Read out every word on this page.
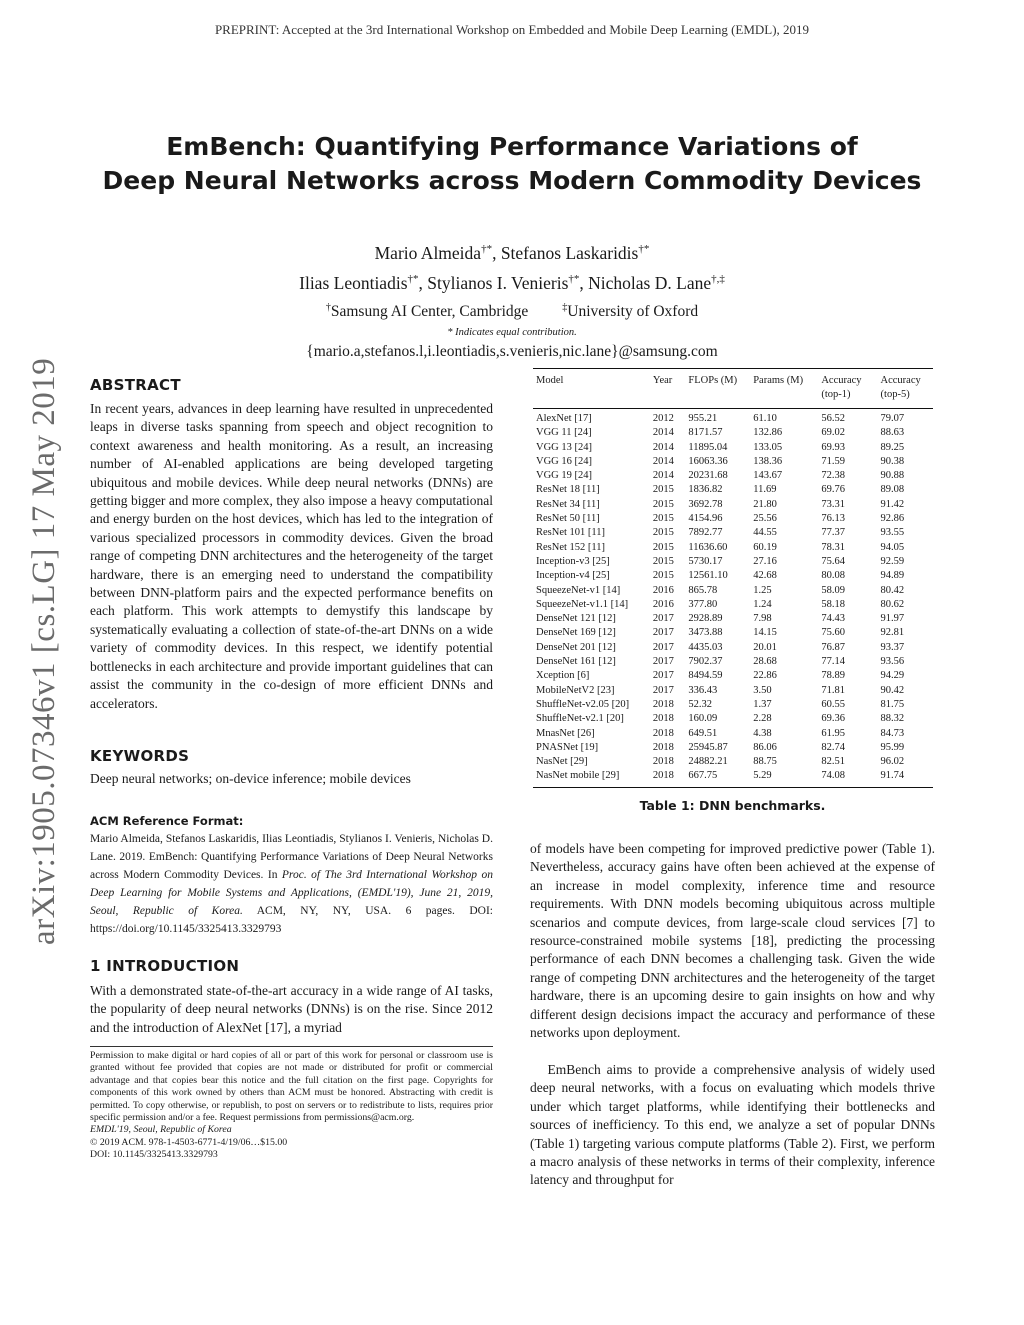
PREPRINT: Accepted at the 3rd International Workshop on Embedded and Mobile Deep Learning (EMDL), 2019
EmBench: Quantifying Performance Variations of
Deep Neural Networks across Modern Commodity Devices
Mario Almeida†*, Stefanos Laskaridis†*
Ilias Leontiadis†*, Stylianos I. Venieris†*, Nicholas D. Lane†,‡
†Samsung AI Center, Cambridge	‡University of Oxford
* Indicates equal contribution.
{mario.a,stefanos.l,i.leontiadis,s.venieris,nic.lane}@samsung.com
arXiv:1905.07346v1 [cs.LG] 17 May 2019 ABSTRACT
In recent years, advances in deep learning have resulted in unprecedented leaps in diverse tasks spanning from speech and object recognition to context awareness and health monitoring. As a result, an increasing number of AI-enabled applications are being developed targeting ubiquitous and mobile devices. While deep neural networks (DNNs) are getting bigger and more complex, they also impose a heavy computational and energy burden on the host devices, which has led to the integration of various specialized processors in commodity devices. Given the broad range of competing DNN architectures and the heterogeneity of the target hardware, there is an emerging need to understand the compatibility between DNN-platform pairs and the expected performance benefits on each platform. This work attempts to demystify this landscape by systematically evaluating a collection of state-of-the-art DNNs on a wide variety of commodity devices. In this respect, we identify potential bottlenecks in each architecture and provide important guidelines that can assist the community in the co-design of more efficient DNNs and accelerators.
KEYWORDS
Deep neural networks; on-device inference; mobile devices
ACM Reference Format:
Mario Almeida, Stefanos Laskaridis, Ilias Leontiadis, Stylianos I. Venieris, Nicholas D. Lane. 2019. EmBench: Quantifying Performance Variations of Deep Neural Networks across Modern Commodity Devices. In Proc. of The 3rd International Workshop on Deep Learning for Mobile Systems and Applications, (EMDL'19), June 21, 2019, Seoul, Republic of Korea. ACM, NY, NY, USA. 6 pages. DOI: https://doi.org/10.1145/3325413.3329793
1 INTRODUCTION
With a demonstrated state-of-the-art accuracy in a wide range of AI tasks, the popularity of deep neural networks (DNNs) is on the rise. Since 2012 and the introduction of AlexNet [17], a myriad
Permission to make digital or hard copies of all or part of this work for personal or classroom use is granted without fee provided that copies are not made or distributed for profit or commercial advantage and that copies bear this notice and the full citation on the first page. Copyrights for components of this work owned by others than ACM must be honored. Abstracting with credit is permitted. To copy otherwise, or republish, to post on servers or to redistribute to lists, requires prior specific permission and/or a fee. Request permissions from permissions@acm.org.
EMDL'19, Seoul, Republic of Korea
© 2019 ACM. 978-1-4503-6771-4/19/06…$15.00
DOI: 10.1145/3325413.3329793
Model	Year	FLOPs (M)	Params (M)	Accuracy (top-1)	Accuracy (top-5)
AlexNet [17]	2012	955.21	61.10	56.52	79.07
VGG 11 [24]	2014	8171.57	132.86	69.02	88.63
VGG 13 [24]	2014	11895.04	133.05	69.93	89.25
VGG 16 [24]	2014	16063.36	138.36	71.59	90.38
VGG 19 [24]	2014	20231.68	143.67	72.38	90.88
ResNet 18 [11]	2015	1836.82	11.69	69.76	89.08
ResNet 34 [11]	2015	3692.78	21.80	73.31	91.42
ResNet 50 [11]	2015	4154.96	25.56	76.13	92.86
ResNet 101 [11]	2015	7892.77	44.55	77.37	93.55
ResNet 152 [11]	2015	11636.60	60.19	78.31	94.05
Inception-v3 [25]	2015	5730.17	27.16	75.64	92.59
Inception-v4 [25]	2015	12561.10	42.68	80.08	94.89
SqueezeNet-v1 [14]	2016	865.78	1.25	58.09	80.42
SqueezeNet-v1.1 [14]	2016	377.80	1.24	58.18	80.62
DenseNet 121 [12]	2017	2928.89	7.98	74.43	91.97
DenseNet 169 [12]	2017	3473.88	14.15	75.60	92.81
DenseNet 201 [12]	2017	4435.03	20.01	76.87	93.37
DenseNet 161 [12]	2017	7902.37	28.68	77.14	93.56
Xception [6]	2017	8494.59	22.86	78.89	94.29
MobileNetV2 [23]	2017	336.43	3.50	71.81	90.42
ShuffleNet-v2.05 [20]	2018	52.32	1.37	60.55	81.75
ShuffleNet-v2.1 [20]	2018	160.09	2.28	69.36	88.32
MnasNet [26]	2018	649.51	4.38	61.95	84.73
PNASNet [19]	2018	25945.87	86.06	82.74	95.99
NasNet [29]	2018	24882.21	88.75	82.51	96.02
NasNet mobile [29]	2018	667.75	5.29	74.08	91.74
Table 1: DNN benchmarks.
of models have been competing for improved predictive power (Table 1). Nevertheless, accuracy gains have often been achieved at the expense of an increase in model complexity, inference time and resource requirements. With DNN models becoming ubiquitous across multiple scenarios and compute devices, from large-scale cloud services [7] to resource-constrained mobile systems [18], predicting the processing performance of each DNN becomes a challenging task. Given the wide range of competing DNN architectures and the heterogeneity of the target hardware, there is an upcoming desire to gain insights on how and why different design decisions impact the accuracy and performance of these networks upon deployment.
EmBench aims to provide a comprehensive analysis of widely used deep neural networks, with a focus on evaluating which models thrive under which target platforms, while identifying their bottlenecks and sources of inefficiency. To this end, we analyze a set of popular DNNs (Table 1) targeting various compute platforms (Table 2). First, we perform a macro analysis of these networks in terms of their complexity, inference latency and throughput for
